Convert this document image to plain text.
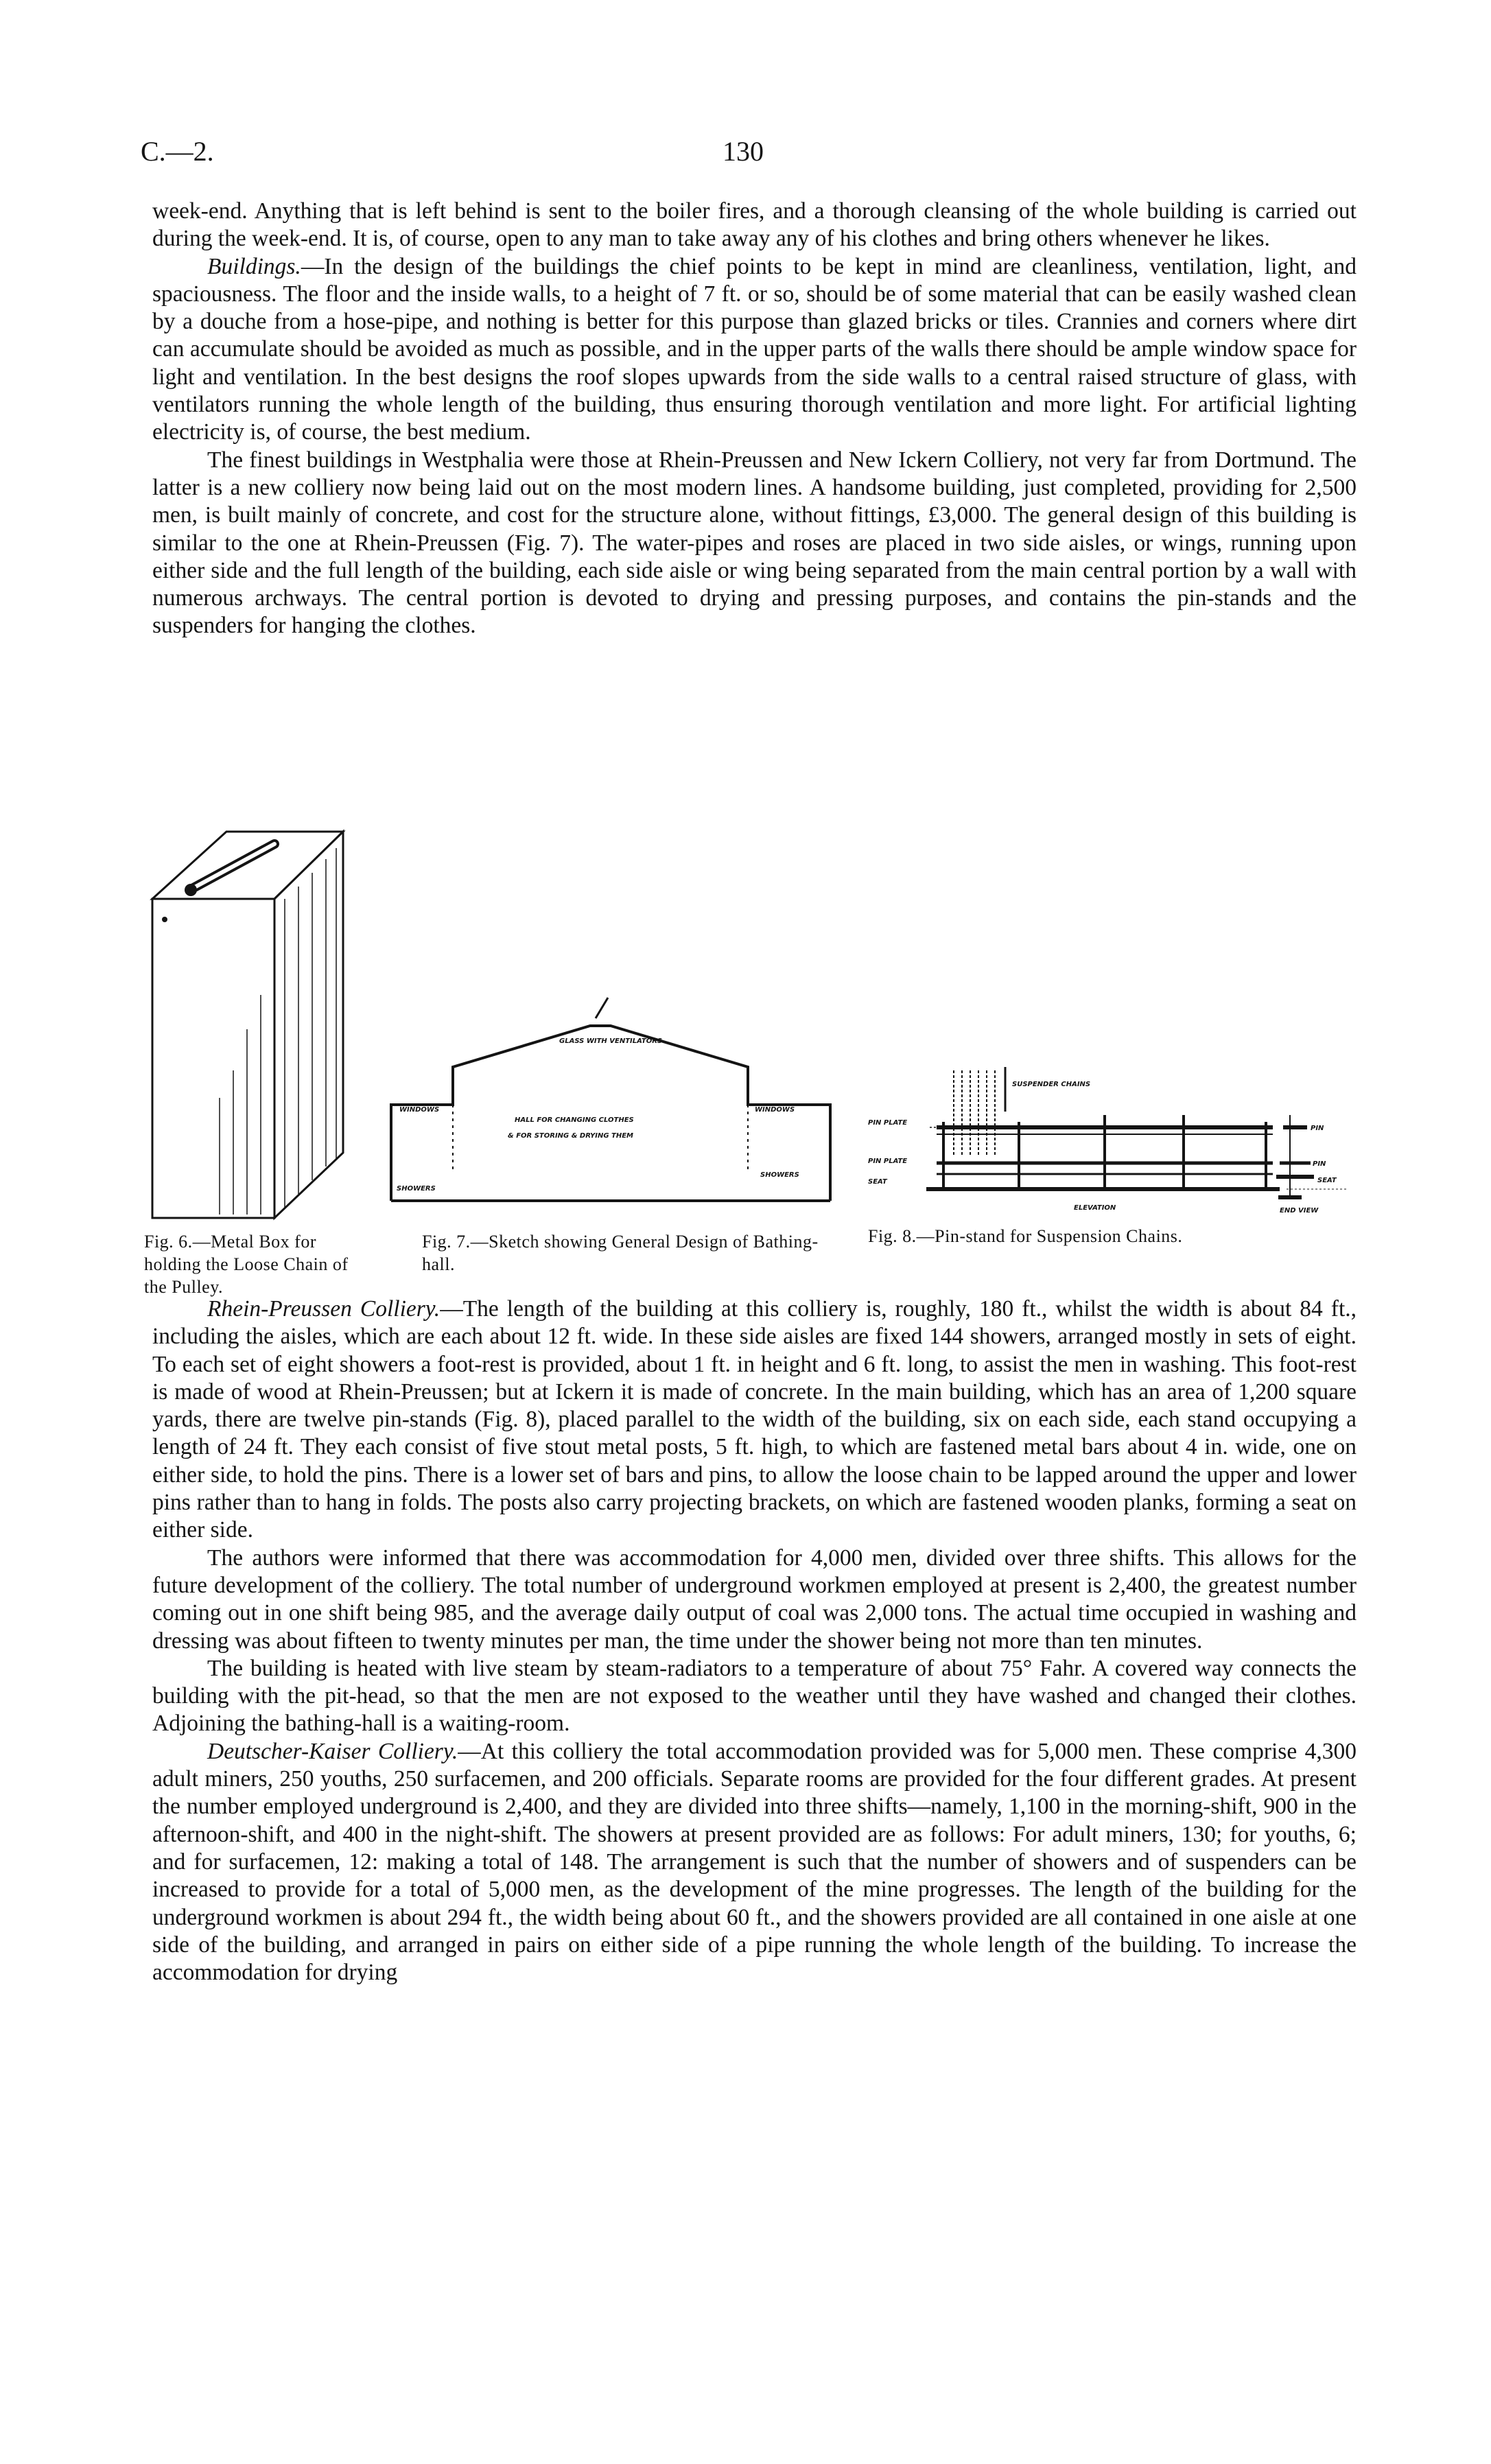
C.—2.	130

week-end. Anything that is left behind is sent to the boiler fires, and a thorough cleansing of the whole building is carried out during the week-end. It is, of course, open to any man to take away any of his clothes and bring others whenever he likes.

Buildings.—In the design of the buildings the chief points to be kept in mind are cleanliness, ventilation, light, and spaciousness. The floor and the inside walls, to a height of 7 ft. or so, should be of some material that can be easily washed clean by a douche from a hose-pipe, and nothing is better for this purpose than glazed bricks or tiles. Crannies and corners where dirt can accumulate should be avoided as much as possible, and in the upper parts of the walls there should be ample window space for light and ventilation. In the best designs the roof slopes upwards from the side walls to a central raised structure of glass, with ventilators running the whole length of the building, thus ensuring thorough ventilation and more light. For artificial lighting electricity is, of course, the best medium.

The finest buildings in Westphalia were those at Rhein-Preussen and New Ickern Colliery, not very far from Dortmund. The latter is a new colliery now being laid out on the most modern lines. A handsome building, just completed, providing for 2,500 men, is built mainly of concrete, and cost for the structure alone, without fittings, £3,000. The general design of this building is similar to the one at Rhein-Preussen (Fig. 7). The water-pipes and roses are placed in two side aisles, or wings, running upon either side and the full length of the building, each side aisle or wing being separated from the main central portion by a wall with numerous archways. The central portion is devoted to drying and pressing purposes, and contains the pin-stands and the suspenders for hanging the clothes.

Fig. 6.—Metal Box for holding the Loose Chain of the Pulley.
GLASS WITH VENTILATORS
WINDOWS	WINDOWS
HALL FOR CHANGING CLOTHES
& FOR STORING & DRYING THEM
SHOWERS
SHOWERS
Fig. 7.—Sketch showing General Design of Bathing-hall.
SUSPENDER CHAINS
PIN PLATE
PIN PLATE
SEAT
ELEVATION
PIN
PIN
SEAT
END VIEW
Fig. 8.—Pin-stand for Suspension Chains.

Rhein-Preussen Colliery.—The length of the building at this colliery is, roughly, 180 ft., whilst the width is about 84 ft., including the aisles, which are each about 12 ft. wide. In these side aisles are fixed 144 showers, arranged mostly in sets of eight. To each set of eight showers a foot-rest is provided, about 1 ft. in height and 6 ft. long, to assist the men in washing. This foot-rest is made of wood at Rhein-Preussen; but at Ickern it is made of concrete. In the main building, which has an area of 1,200 square yards, there are twelve pin-stands (Fig. 8), placed parallel to the width of the building, six on each side, each stand occupying a length of 24 ft. They each consist of five stout metal posts, 5 ft. high, to which are fastened metal bars about 4 in. wide, one on either side, to hold the pins. There is a lower set of bars and pins, to allow the loose chain to be lapped around the upper and lower pins rather than to hang in folds. The posts also carry projecting brackets, on which are fastened wooden planks, forming a seat on either side.

The authors were informed that there was accommodation for 4,000 men, divided over three shifts. This allows for the future development of the colliery. The total number of underground workmen employed at present is 2,400, the greatest number coming out in one shift being 985, and the average daily output of coal was 2,000 tons. The actual time occupied in washing and dressing was about fifteen to twenty minutes per man, the time under the shower being not more than ten minutes.

The building is heated with live steam by steam-radiators to a temperature of about 75° Fahr. A covered way connects the building with the pit-head, so that the men are not exposed to the weather until they have washed and changed their clothes. Adjoining the bathing-hall is a waiting-room.

Deutscher-Kaiser Colliery.—At this colliery the total accommodation provided was for 5,000 men. These comprise 4,300 adult miners, 250 youths, 250 surfacemen, and 200 officials. Separate rooms are provided for the four different grades. At present the number employed underground is 2,400, and they are divided into three shifts—namely, 1,100 in the morning-shift, 900 in the afternoon-shift, and 400 in the night-shift. The showers at present provided are as follows: For adult miners, 130; for youths, 6; and for surfacemen, 12: making a total of 148. The arrangement is such that the number of showers and of suspenders can be increased to provide for a total of 5,000 men, as the development of the mine progresses. The length of the building for the underground workmen is about 294 ft., the width being about 60 ft., and the showers provided are all contained in one aisle at one side of the building, and arranged in pairs on either side of a pipe running the whole length of the building. To increase the accommodation for drying
